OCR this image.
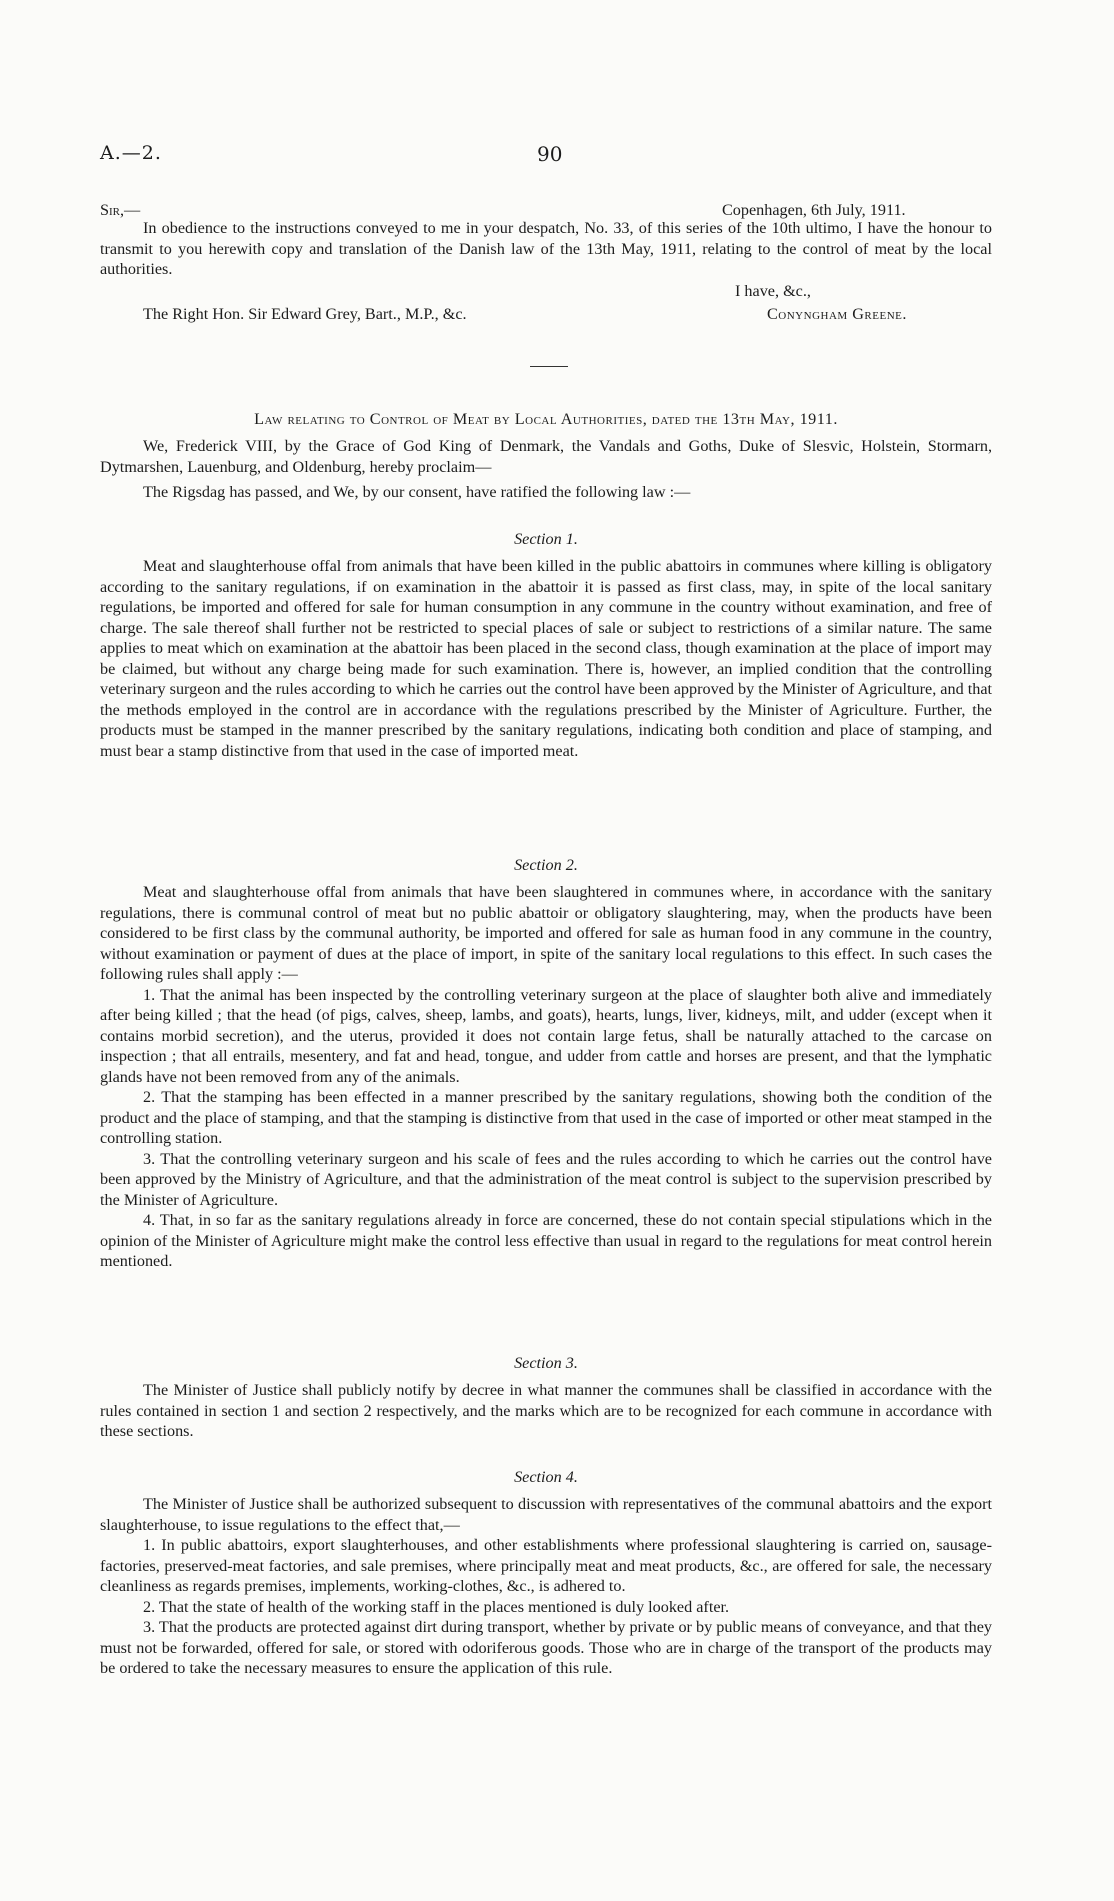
A.—2.	90
Sir,—	Copenhagen, 6th July, 1911.

In obedience to the instructions conveyed to me in your despatch, No. 33, of this series of the 10th ultimo, I have the honour to transmit to you herewith copy and translation of the Danish law of the 13th May, 1911, relating to the control of meat by the local authorities.

I have, &c.,
The Right Hon. Sir Edward Grey, Bart., M.P., &c.	Conyngham Greene.
Law relating to Control of Meat by Local Authorities, dated the 13th May, 1911.

We, Frederick VIII, by the Grace of God King of Denmark, the Vandals and Goths, Duke of Slesvic, Holstein, Stormarn, Dytmarshen, Lauenburg, and Oldenburg, hereby proclaim—

The Rigsdag has passed, and We, by our consent, have ratified the following law :—

Section 1.

Meat and slaughterhouse offal from animals that have been killed in the public abattoirs in communes where killing is obligatory according to the sanitary regulations, if on examination in the abattoir it is passed as first class, may, in spite of the local sanitary regulations, be imported and offered for sale for human consumption in any commune in the country without examination, and free of charge. The sale thereof shall further not be restricted to special places of sale or subject to restrictions of a similar nature. The same applies to meat which on examination at the abattoir has been placed in the second class, though examination at the place of import may be claimed, but without any charge being made for such examination. There is, however, an implied condition that the controlling veterinary surgeon and the rules according to which he carries out the control have been approved by the Minister of Agriculture, and that the methods employed in the control are in accordance with the regulations prescribed by the Minister of Agriculture. Further, the products must be stamped in the manner prescribed by the sanitary regulations, indicating both condition and place of stamping, and must bear a stamp distinctive from that used in the case of imported meat.

Section 2.

Meat and slaughterhouse offal from animals that have been slaughtered in communes where, in accordance with the sanitary regulations, there is communal control of meat but no public abattoir or obligatory slaughtering, may, when the products have been considered to be first class by the communal authority, be imported and offered for sale as human food in any commune in the country, without examination or payment of dues at the place of import, in spite of the sanitary local regulations to this effect. In such cases the following rules shall apply :—

1. That the animal has been inspected by the controlling veterinary surgeon at the place of slaughter both alive and immediately after being killed ; that the head (of pigs, calves, sheep, lambs, and goats), hearts, lungs, liver, kidneys, milt, and udder (except when it contains morbid secretion), and the uterus, provided it does not contain large fetus, shall be naturally attached to the carcase on inspection ; that all entrails, mesentery, and fat and head, tongue, and udder from cattle and horses are present, and that the lymphatic glands have not been removed from any of the animals.

2. That the stamping has been effected in a manner prescribed by the sanitary regulations, showing both the condition of the product and the place of stamping, and that the stamping is distinctive from that used in the case of imported or other meat stamped in the controlling station.

3. That the controlling veterinary surgeon and his scale of fees and the rules according to which he carries out the control have been approved by the Ministry of Agriculture, and that the administration of the meat control is subject to the supervision prescribed by the Minister of Agriculture.

4. That, in so far as the sanitary regulations already in force are concerned, these do not contain special stipulations which in the opinion of the Minister of Agriculture might make the control less effective than usual in regard to the regulations for meat control herein mentioned.

Section 3.

The Minister of Justice shall publicly notify by decree in what manner the communes shall be classified in accordance with the rules contained in section 1 and section 2 respectively, and the marks which are to be recognized for each commune in accordance with these sections.

Section 4.

The Minister of Justice shall be authorized subsequent to discussion with representatives of the communal abattoirs and the export slaughterhouse, to issue regulations to the effect that,—

1. In public abattoirs, export slaughterhouses, and other establishments where professional slaughtering is carried on, sausage-factories, preserved-meat factories, and sale premises, where principally meat and meat products, &c., are offered for sale, the necessary cleanliness as regards premises, implements, working-clothes, &c., is adhered to.

2. That the state of health of the working staff in the places mentioned is duly looked after.

3. That the products are protected against dirt during transport, whether by private or by public means of conveyance, and that they must not be forwarded, offered for sale, or stored with odoriferous goods. Those who are in charge of the transport of the products may be ordered to take the necessary measures to ensure the application of this rule.
